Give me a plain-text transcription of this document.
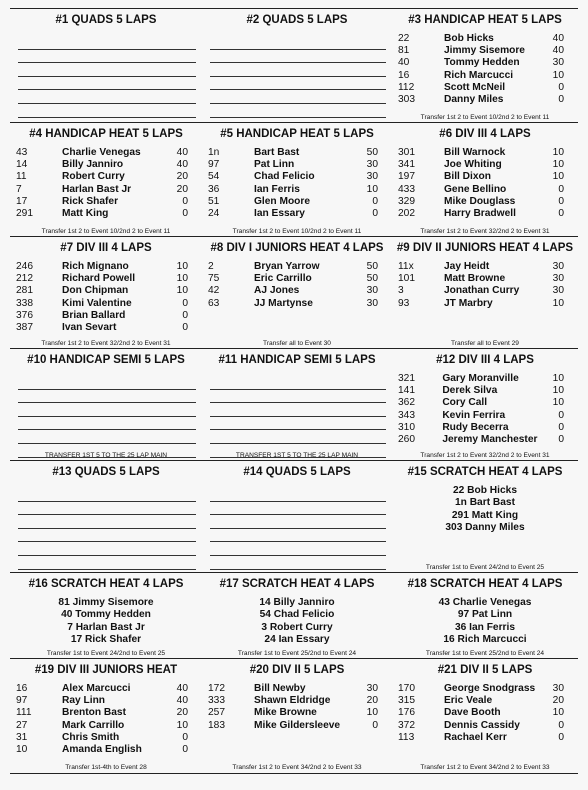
#1 QUADS 5 LAPS	#2 QUADS 5 LAPS	#3 HANDICAP HEAT 5 LAPS
22	Bob Hicks	40
81	Jimmy Sisemore	40
40	Tommy Hedden	30
16	Rich Marcucci	10
112	Scott McNeil	0
303	Danny Miles	0
Transfer 1st 2 to Event 10/2nd 2 to Event 11
#4 HANDICAP HEAT 5 LAPS
43	Charlie Venegas	40
14	Billy Janniro	40
11	Robert Curry	20
7	Harlan Bast Jr	20
17	Rick Shafer	0
291	Matt King	0
Transfer 1st 2 to Event 10/2nd 2 to Event 11
#5 HANDICAP HEAT 5 LAPS
1n	Bart Bast	50
97	Pat Linn	30
54	Chad Felicio	30
36	Ian Ferris	10
51	Glen Moore	0
24	Ian Essary	0
Transfer 1st 2 to Event 10/2nd 2 to Event 11
#6 DIV III 4 LAPS
301	Bill Warnock	10
341	Joe Whiting	10
197	Bill Dixon	10
433	Gene Bellino	0
329	Mike Douglass	0
202	Harry Bradwell	0
Transfer 1st 2 to Event 32/2nd 2 to Event 31
#7 DIV III 4 LAPS
246	Rich Mignano	10
212	Richard Powell	10
281	Don Chipman	10
338	Kimi Valentine	0
376	Brian Ballard	0
387	Ivan Sevart	0
Transfer 1st 2 to Event 32/2nd 2 to Event 31
#8 DIV I JUNIORS HEAT 4 LAPS
2	Bryan Yarrow	50
75	Eric Carrillo	50
42	AJ Jones	30
63	JJ Martynse	30
Transfer all to Event 30
#9 DIV II JUNIORS HEAT 4 LAPS
11x	Jay Heidt	30
101	Matt Browne	30
3	Jonathan Curry	30
93	JT Marbry	10
Transfer all to Event 29
#10 HANDICAP SEMI 5 LAPS
TRANSFER 1ST 5 TO THE 25 LAP MAIN
#11 HANDICAP SEMI 5 LAPS
TRANSFER 1ST 5 TO THE 25 LAP MAIN
#12 DIV III 4 LAPS
321	Gary Moranville	10
141	Derek Silva	10
362	Cory Call	10
343	Kevin Ferrira	0
310	Rudy Becerra	0
260	Jeremy Manchester	0
Transfer 1st 2 to Event 32/2nd 2 to Event 31
#13 QUADS 5 LAPS	#14 QUADS 5 LAPS	#15 SCRATCH HEAT 4 LAPS
22 Bob Hicks
1n Bart Bast
291 Matt King
303 Danny Miles
Transfer 1st to Event 24/2nd to Event 25
#16 SCRATCH HEAT 4 LAPS
81 Jimmy Sisemore
40 Tommy Hedden
7 Harlan Bast Jr
17 Rick Shafer
Transfer 1st to Event 24/2nd to Event 25
#17 SCRATCH HEAT 4 LAPS
14 Billy Janniro
54 Chad Felicio
3 Robert Curry
24 Ian Essary
Transfer 1st to Event 25/2nd to Event 24
#18 SCRATCH HEAT 4 LAPS
43 Charlie Venegas
97 Pat Linn
36 Ian Ferris
16 Rich Marcucci
Transfer 1st to Event 25/2nd to Event 24
#19 DIV III JUNIORS HEAT
16	Alex Marcucci	40
97	Ray Linn	40
111	Brenton Bast	20
27	Mark Carrillo	10
31	Chris Smith	0
10	Amanda English	0
Transfer 1st-4th to Event 28
#20 DIV II 5 LAPS
172	Bill Newby	30
333	Shawn Eldridge	20
257	Mike Browne	10
183	Mike Gildersleeve	0
Transfer 1st 2 to Event 34/2nd 2 to Event 33
#21 DIV II 5 LAPS
170	George Snodgrass	30
315	Eric Veale	20
176	Dave Booth	10
372	Dennis Cassidy	0
113	Rachael Kerr	0
Transfer 1st 2 to Event 34/2nd 2 to Event 33
